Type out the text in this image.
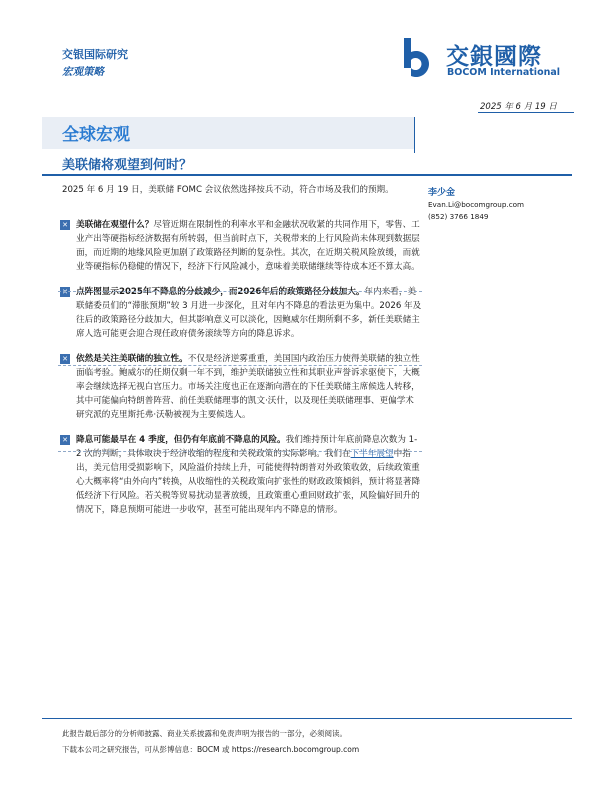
交银国际研究
宏观策略
交銀國際
BOCOM International
2025 年 6 月 19 日
全球宏观
美联储将观望到何时？
2025 年 6 月 19 日，美联储 FOMC 会议依然选择按兵不动，符合市场及我们的预期。	李少金
Evan.Li@bocomgroup.com
(852) 3766 1849
✕ 美联储在观望什么？尽管近期在限制性的利率水平和金融状况收紧的共同作用下，零售、工业产出等硬指标经济数据有所转弱，但当前时点下，关税带来的上行风险尚未体现到数据层面，而近期的地缘风险更加剧了政策路径判断的复杂性。其次，在近期关税风险放缓，而就业等硬指标仍稳健的情况下，经济下行风险减小，意味着美联储继续等待成本还不算太高。
✕ 点阵图显示2025年不降息的分歧减少，而2026年后的政策路径分歧加大。年内来看，美联储委员们的“滞胀预期”较 3 月进一步深化，且对年内不降息的看法更为集中。2026 年及往后的政策路径分歧加大，但其影响意义可以淡化，因鲍威尔任期所剩不多，新任美联储主席人选可能更会迎合现任政府债务滚续等方向的降息诉求。
✕ 依然是关注美联储的独立性。不仅是经济逆雾重重，美国国内政治压力使得美联储的独立性面临考验。鲍威尔的任期仅剩一年不到，维护美联储独立性和其职业声誉诉求驱使下，大概率会继续选择无视白宫压力。市场关注度也正在逐渐向潜在的下任美联储主席候选人转移，其中可能偏向特朗普阵营、前任美联储理事的凯文·沃什，以及现任美联储理事、更偏学术研究派的克里斯托弗·沃勒被视为主要候选人。
✕ 降息可能最早在 4 季度，但仍有年底前不降息的风险。我们维持预计年底前降息次数为 1-2 次的判断，具体取决于经济收缩的程度和关税政策的实际影响。我们在下半年展望中指出，美元信用受损影响下，风险溢价持续上升，可能使得特朗普对外政策收敛，后续政策重心大概率将“由外向内”转换，从收缩性的关税政策向扩张性的财政政策倾斜，预计将显著降低经济下行风险。若关税等贸易扰动显著放缓，且政策重心重回财政扩张，风险偏好回升的情况下，降息预期可能进一步收窄，甚至可能出现年内不降息的情形。
此报告最后部分的分析师披露、商业关系披露和免责声明为报告的一部分，必须阅读。
下载本公司之研究报告，可从彭博信息：BOCM 或 https://research.bocomgroup.com
